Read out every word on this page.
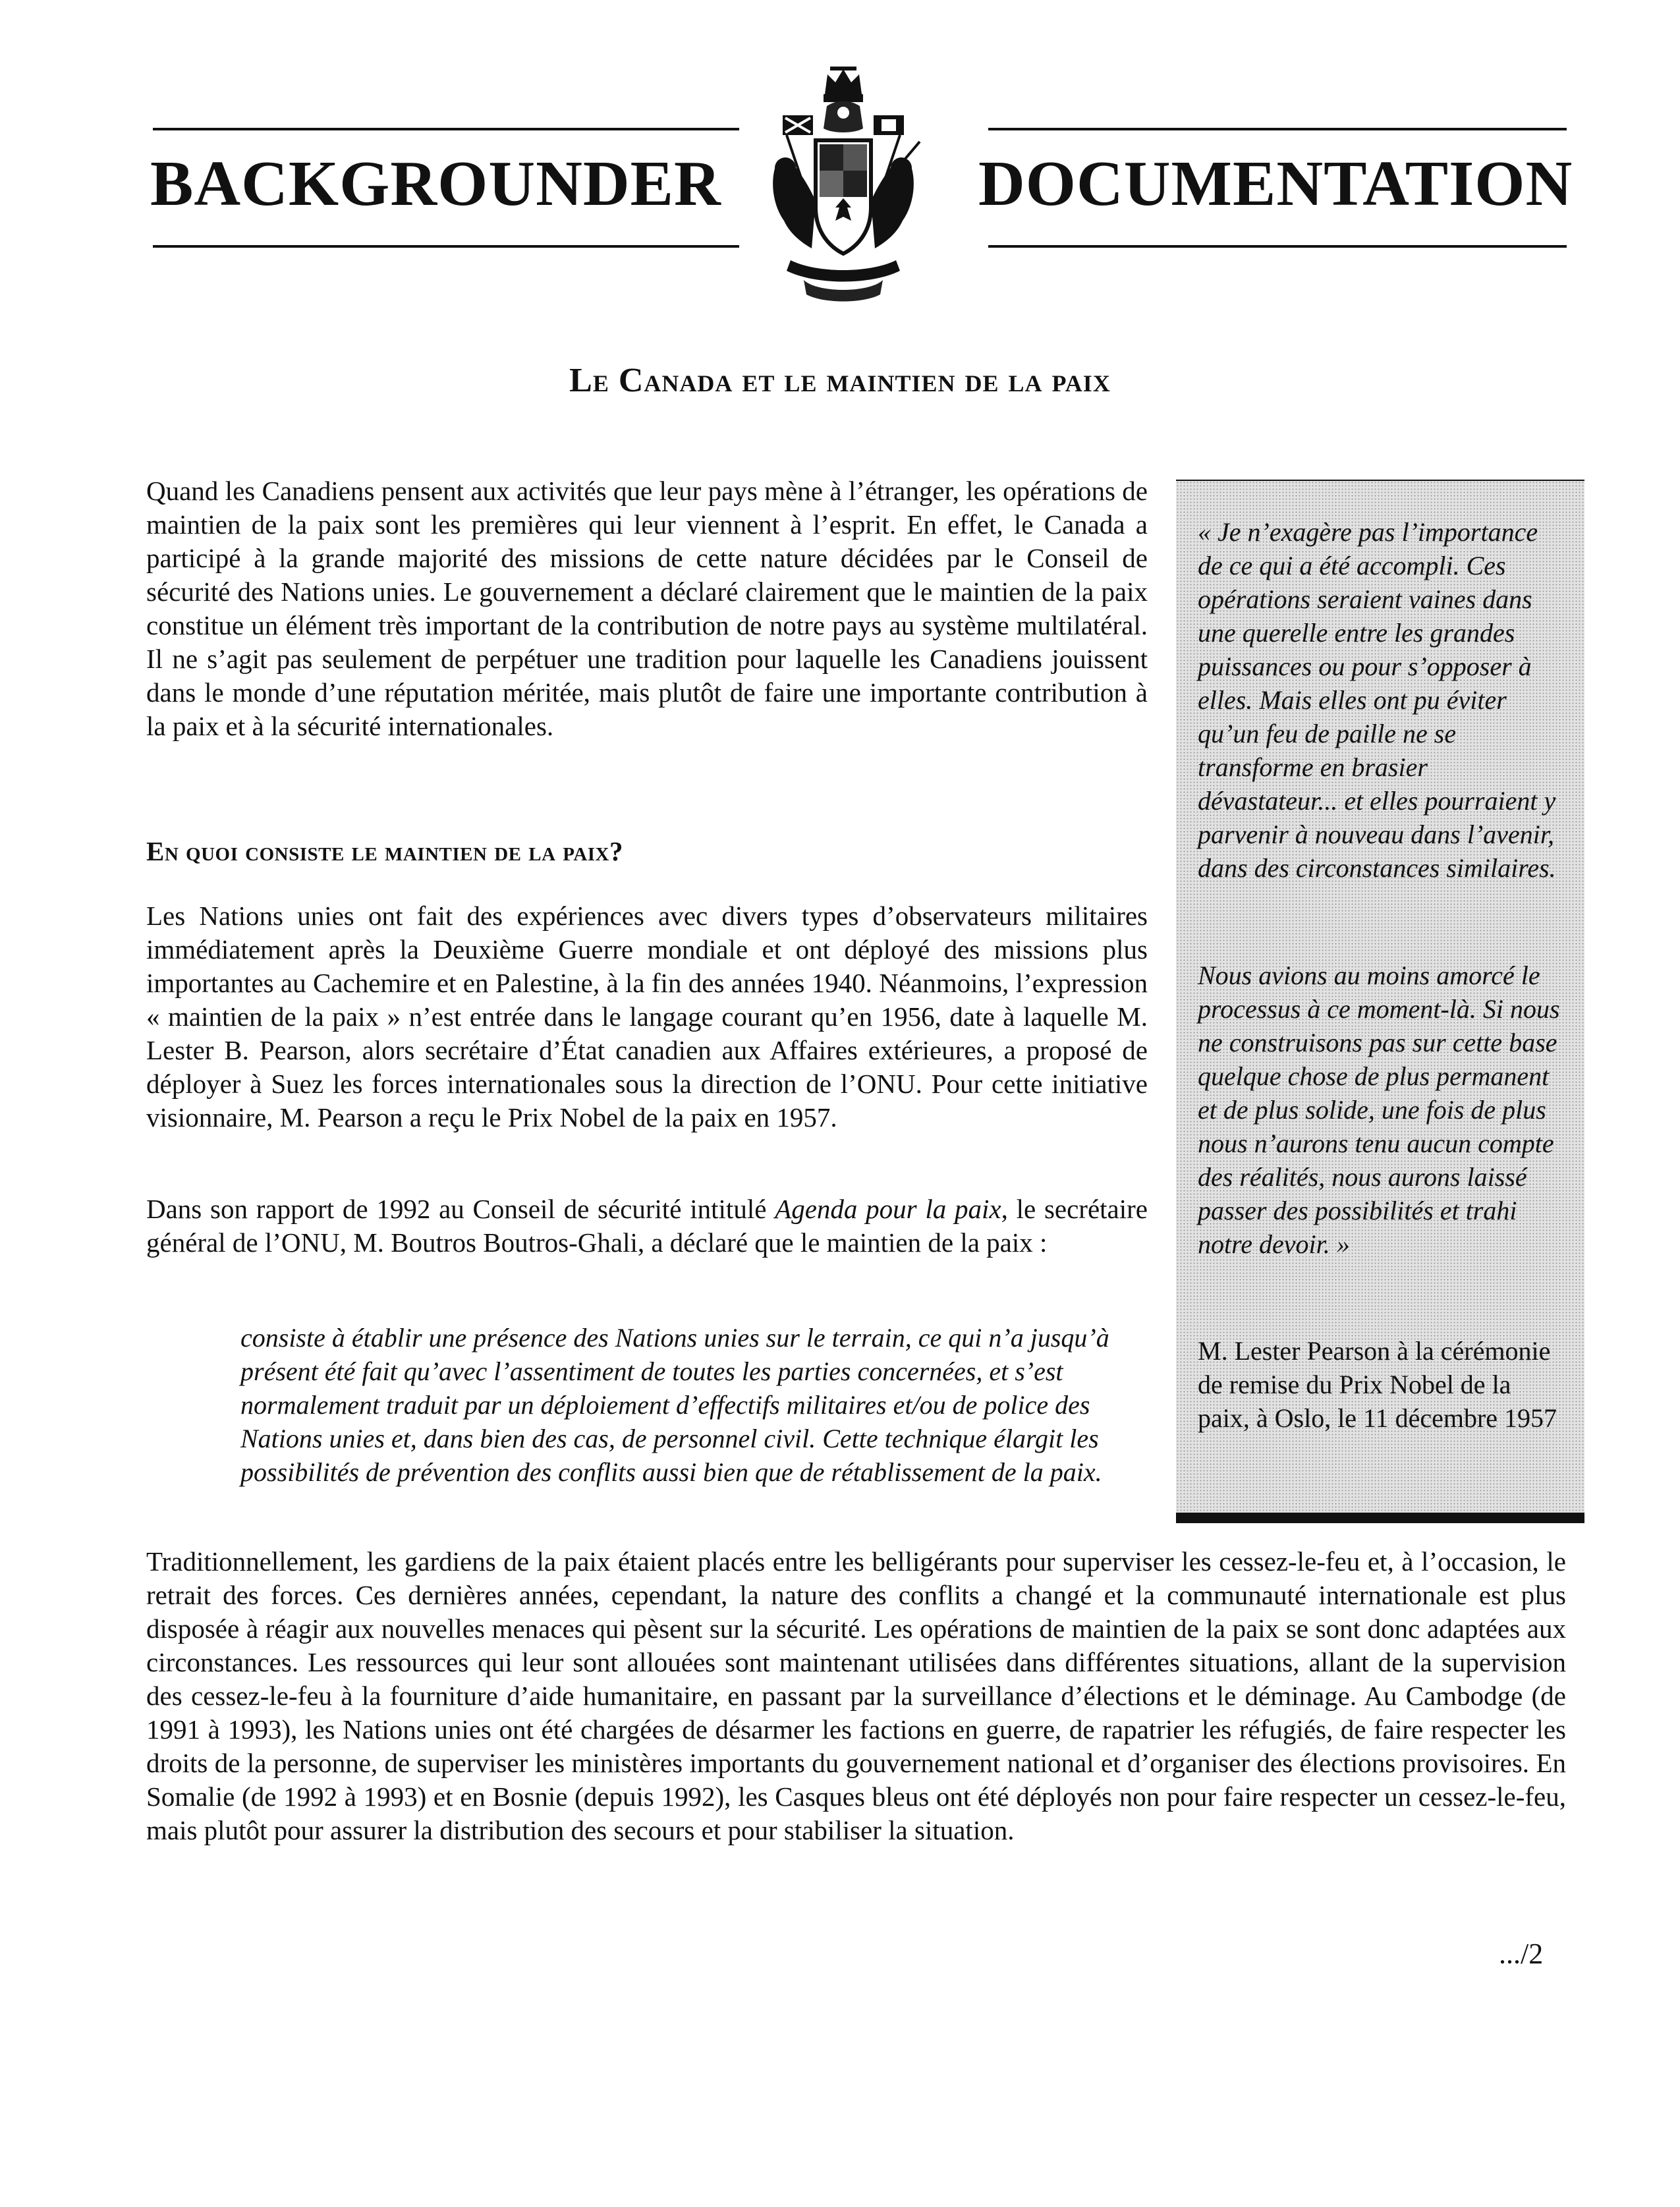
BACKGROUNDER	DOCUMENTATION
Le Canada et le maintien de la paix
Quand les Canadiens pensent aux activités que leur pays mène à l’étranger, les opérations de maintien de la paix sont les premières qui leur viennent à l’esprit. En effet, le Canada a participé à la grande majorité des missions de cette nature décidées par le Conseil de sécurité des Nations unies. Le gouvernement a déclaré clairement que le maintien de la paix constitue un élément très important de la contribution de notre pays au système multilatéral. Il ne s’agit pas seulement de perpétuer une tradition pour laquelle les Canadiens jouissent dans le monde d’une réputation méritée, mais plutôt de faire une importante contribution à la paix et à la sécurité internationales.
En quoi consiste le maintien de la paix?
Les Nations unies ont fait des expériences avec divers types d’observateurs militaires immédiatement après la Deuxième Guerre mondiale et ont déployé des missions plus importantes au Cachemire et en Palestine, à la fin des années 1940. Néanmoins, l’expression « maintien de la paix » n’est entrée dans le langage courant qu’en 1956, date à laquelle M. Lester B. Pearson, alors secrétaire d’État canadien aux Affaires extérieures, a proposé de déployer à Suez les forces internationales sous la direction de l’ONU. Pour cette initiative visionnaire, M. Pearson a reçu le Prix Nobel de la paix en 1957.
Dans son rapport de 1992 au Conseil de sécurité intitulé Agenda pour la paix, le secrétaire général de l’ONU, M. Boutros Boutros-Ghali, a déclaré que le maintien de la paix :
consiste à établir une présence des Nations unies sur le terrain, ce qui n’a jusqu’à présent été fait qu’avec l’assentiment de toutes les parties concernées, et s’est normalement traduit par un déploiement d’effectifs militaires et/ou de police des Nations unies et, dans bien des cas, de personnel civil. Cette technique élargit les possibilités de prévention des conflits aussi bien que de rétablissement de la paix.
« Je n’exagère pas l’importance de ce qui a été accompli. Ces opérations seraient vaines dans une querelle entre les grandes puissances ou pour s’opposer à elles. Mais elles ont pu éviter qu’un feu de paille ne se transforme en brasier dévastateur... et elles pourraient y parvenir à nouveau dans l’avenir, dans des circonstances similaires.
Nous avions au moins amorcé le processus à ce moment-là. Si nous ne construisons pas sur cette base quelque chose de plus permanent et de plus solide, une fois de plus nous n’aurons tenu aucun compte des réalités, nous aurons laissé passer des possibilités et trahi notre devoir. »
M. Lester Pearson à la cérémonie de remise du Prix Nobel de la paix, à Oslo, le 11 décembre 1957
Traditionnellement, les gardiens de la paix étaient placés entre les belligérants pour superviser les cessez-le-feu et, à l’occasion, le retrait des forces. Ces dernières années, cependant, la nature des conflits a changé et la communauté internationale est plus disposée à réagir aux nouvelles menaces qui pèsent sur la sécurité. Les opérations de maintien de la paix se sont donc adaptées aux circonstances. Les ressources qui leur sont allouées sont maintenant utilisées dans différentes situations, allant de la supervision des cessez-le-feu à la fourniture d’aide humanitaire, en passant par la surveillance d’élections et le déminage. Au Cambodge (de 1991 à 1993), les Nations unies ont été chargées de désarmer les factions en guerre, de rapatrier les réfugiés, de faire respecter les droits de la personne, de superviser les ministères importants du gouvernement national et d’organiser des élections provisoires. En Somalie (de 1992 à 1993) et en Bosnie (depuis 1992), les Casques bleus ont été déployés non pour faire respecter un cessez-le-feu, mais plutôt pour assurer la distribution des secours et pour stabiliser la situation.
.../2
